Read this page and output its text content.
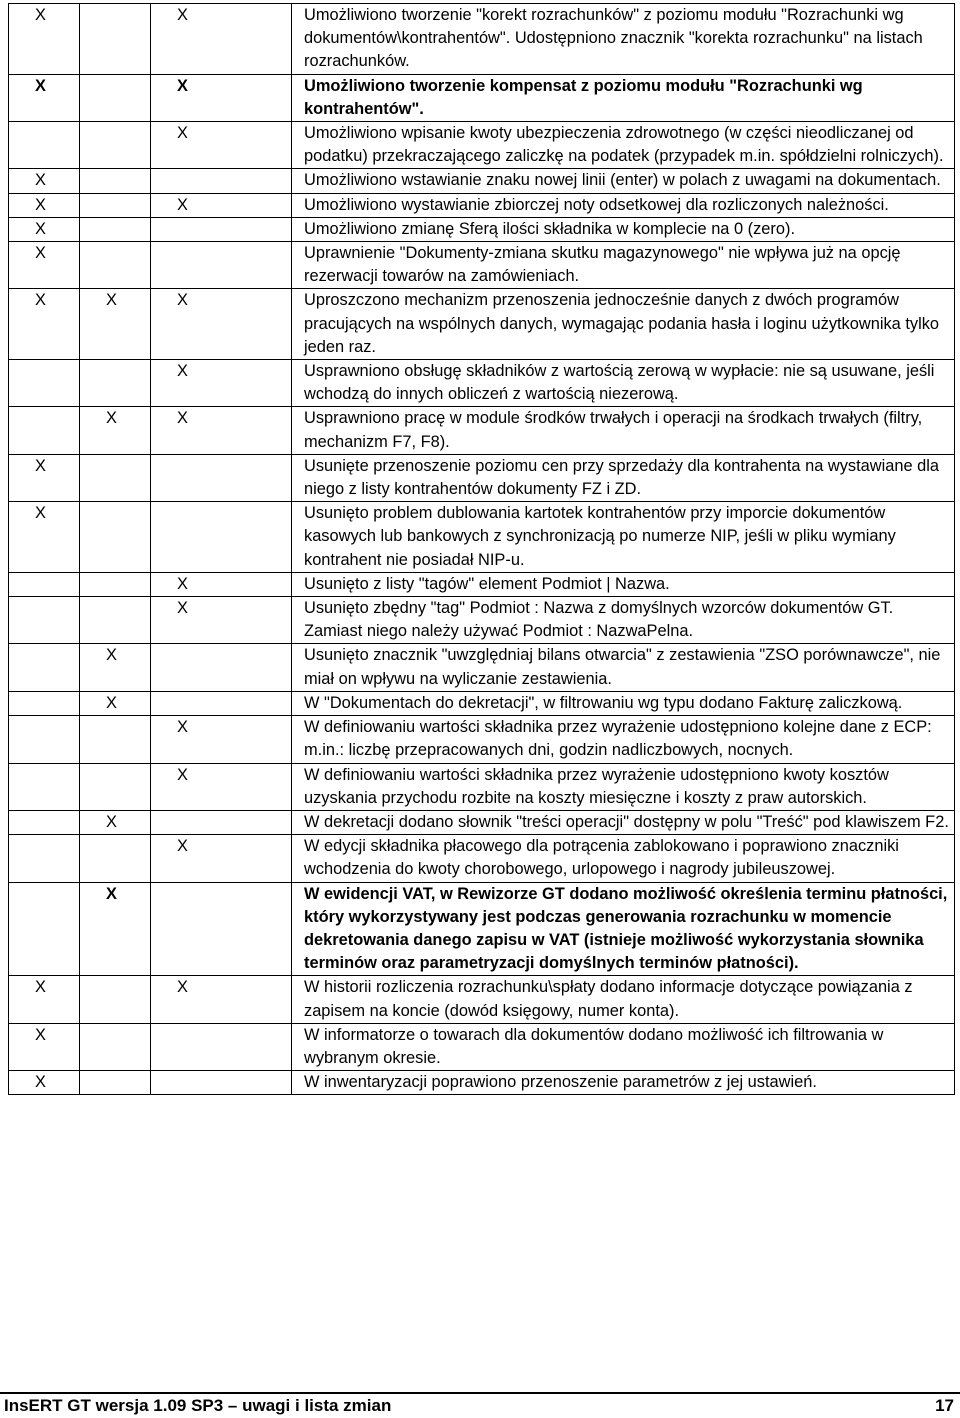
X		X	Umożliwiono tworzenie "korekt rozrachunków" z poziomu modułu "Rozrachunki wg dokumentów\kontrahentów". Udostępniono znacznik "korekta rozrachunku" na listach rozrachunków.
X		X	Umożliwiono tworzenie kompensat z poziomu modułu "Rozrachunki wg kontrahentów".
		X	Umożliwiono wpisanie kwoty ubezpieczenia zdrowotnego (w części nieodliczanej od podatku) przekraczającego zaliczkę na podatek (przypadek m.in. spółdzielni rolniczych).
X			Umożliwiono wstawianie znaku nowej linii (enter) w polach z uwagami na dokumentach.
X		X	Umożliwiono wystawianie zbiorczej noty odsetkowej dla rozliczonych należności.
X			Umożliwiono zmianę Sferą ilości składnika w komplecie na 0 (zero).
X			Uprawnienie "Dokumenty-zmiana skutku magazynowego" nie wpływa już na opcję rezerwacji towarów na zamówieniach.
X	X	X	Uproszczono mechanizm przenoszenia jednocześnie danych z dwóch programów pracujących na wspólnych danych, wymagając podania hasła i loginu użytkownika tylko jeden raz.
		X	Usprawniono obsługę składników z wartością zerową w wypłacie: nie są usuwane, jeśli wchodzą do innych obliczeń z wartością niezerową.
	X	X	Usprawniono pracę w module środków trwałych i operacji na środkach trwałych (filtry, mechanizm F7, F8).
X			Usunięte przenoszenie poziomu cen przy sprzedaży dla kontrahenta na wystawiane dla niego z listy kontrahentów dokumenty FZ i ZD.
X			Usunięto problem dublowania kartotek kontrahentów przy imporcie dokumentów kasowych lub bankowych z synchronizacją po numerze NIP, jeśli w pliku wymiany kontrahent nie posiadał NIP-u.
		X	Usunięto z listy "tagów" element Podmiot | Nazwa.
		X	Usunięto zbędny "tag" Podmiot : Nazwa z domyślnych wzorców dokumentów GT. Zamiast niego należy używać Podmiot : NazwaPelna.
	X		Usunięto znacznik "uwzględniaj bilans otwarcia" z zestawienia "ZSO porównawcze", nie miał on wpływu na wyliczanie zestawienia.
	X		W "Dokumentach do dekretacji", w filtrowaniu wg typu dodano Fakturę zaliczkową.
		X	W definiowaniu wartości składnika przez wyrażenie udostępniono kolejne dane z ECP: m.in.: liczbę przepracowanych dni, godzin nadliczbowych, nocnych.
		X	W definiowaniu wartości składnika przez wyrażenie udostępniono kwoty kosztów uzyskania przychodu rozbite na koszty miesięczne i koszty z praw autorskich.
	X		W dekretacji dodano słownik "treści operacji" dostępny w polu "Treść" pod klawiszem F2.
		X	W edycji składnika płacowego dla potrącenia zablokowano i poprawiono znaczniki wchodzenia do kwoty chorobowego, urlopowego i nagrody jubileuszowej.
	X		W ewidencji VAT, w Rewizorze GT dodano możliwość określenia terminu płatności, który wykorzystywany jest podczas generowania rozrachunku w momencie dekretowania danego zapisu w VAT (istnieje możliwość wykorzystania słownika terminów oraz parametryzacji domyślnych terminów płatności).
X		X	W historii rozliczenia rozrachunku\spłaty dodano informacje dotyczące powiązania z zapisem na koncie (dowód księgowy, numer konta).
X			W informatorze o towarach dla dokumentów dodano możliwość ich filtrowania w wybranym okresie.
X			W inwentaryzacji poprawiono przenoszenie parametrów z jej ustawień.
InsERT GT wersja 1.09 SP3 – uwagi i lista zmian	17
